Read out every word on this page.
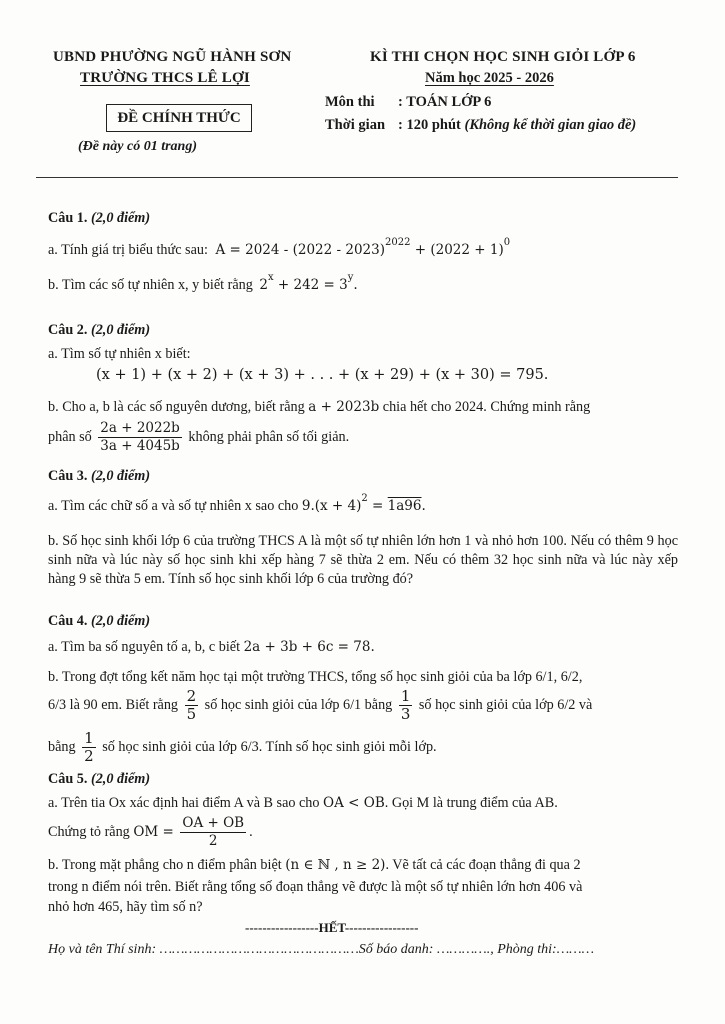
UBND PHƯỜNG NGŨ HÀNH SƠN
TRƯỜNG THCS LÊ LỢI
ĐỀ CHÍNH THỨC
(Đề này có 01 trang)
KÌ THI CHỌN HỌC SINH GIỎI LỚP 6
Năm học 2025 - 2026
Môn thi : TOÁN LỚP 6
Thời gian : 120 phút (Không kể thời gian giao đề)
Câu 1. (2,0 điểm)
a. Tính giá trị biểu thức sau: $A = 2024 - (2022 - 2023)^{2022} + (2022 + 1)^0$
b. Tìm các số tự nhiên x, y biết rằng $2^x + 242 = 3^y$.
Câu 2. (2,0 điểm)
a. Tìm số tự nhiên x biết:
(x + 1) + (x + 2) + (x + 3) + . . . + (x + 29) + (x + 30) = 795.
b. Cho a, b là các số nguyên dương, biết rằng a + 2023b chia hết cho 2024. Chứng minh rằng
phân số $\frac{2a + 2022b}{3a + 4045b}$ không phải phân số tối giản.
Câu 3. (2,0 điểm)
a. Tìm các chữ số a và số tự nhiên x sao cho $9.(x + 4)^2 = 1a96$.
b. Số học sinh khối lớp 6 của trường THCS A là một số tự nhiên lớn hơn 1 và nhỏ hơn 100. Nếu có thêm 9 học sinh nữa và lúc này số học sinh khi xếp hàng 7 sẽ thừa 2 em. Nếu có thêm 32 học sinh nữa và lúc này xếp hàng 9 sẽ thừa 5 em. Tính số học sinh khối lớp 6 của trường đó?
Câu 4. (2,0 điểm)
a. Tìm ba số nguyên tố a, b, c biết 2a + 3b + 6c = 78.
b. Trong đợt tổng kết năm học tại một trường THCS, tổng số học sinh giỏi của ba lớp 6/1, 6/2,
6/3 là 90 em. Biết rằng $\frac{2}{5}$ số học sinh giỏi của lớp 6/1 bằng $\frac{1}{3}$ số học sinh giỏi của lớp 6/2 và
bằng $\frac{1}{2}$ số học sinh giỏi của lớp 6/3. Tính số học sinh giỏi mỗi lớp.
Câu 5. (2,0 điểm)
a. Trên tia Ox xác định hai điểm A và B sao cho OA < OB. Gọi M là trung điểm của AB.
Chứng tỏ rằng OM = $\frac{OA + OB}{2}$ .
b. Trong mặt phẳng cho n điểm phân biệt (n ∈ ℕ , n ≥ 2). Vẽ tất cả các đoạn thẳng đi qua 2
trong n điểm nói trên. Biết rằng tổng số đoạn thẳng vẽ được là một số tự nhiên lớn hơn 406 và
nhỏ hơn 465, hãy tìm số n?
-----------------HẾT-----------------
Họ và tên Thí sinh: …………………………………………Số báo danh: …………., Phòng thi:………
